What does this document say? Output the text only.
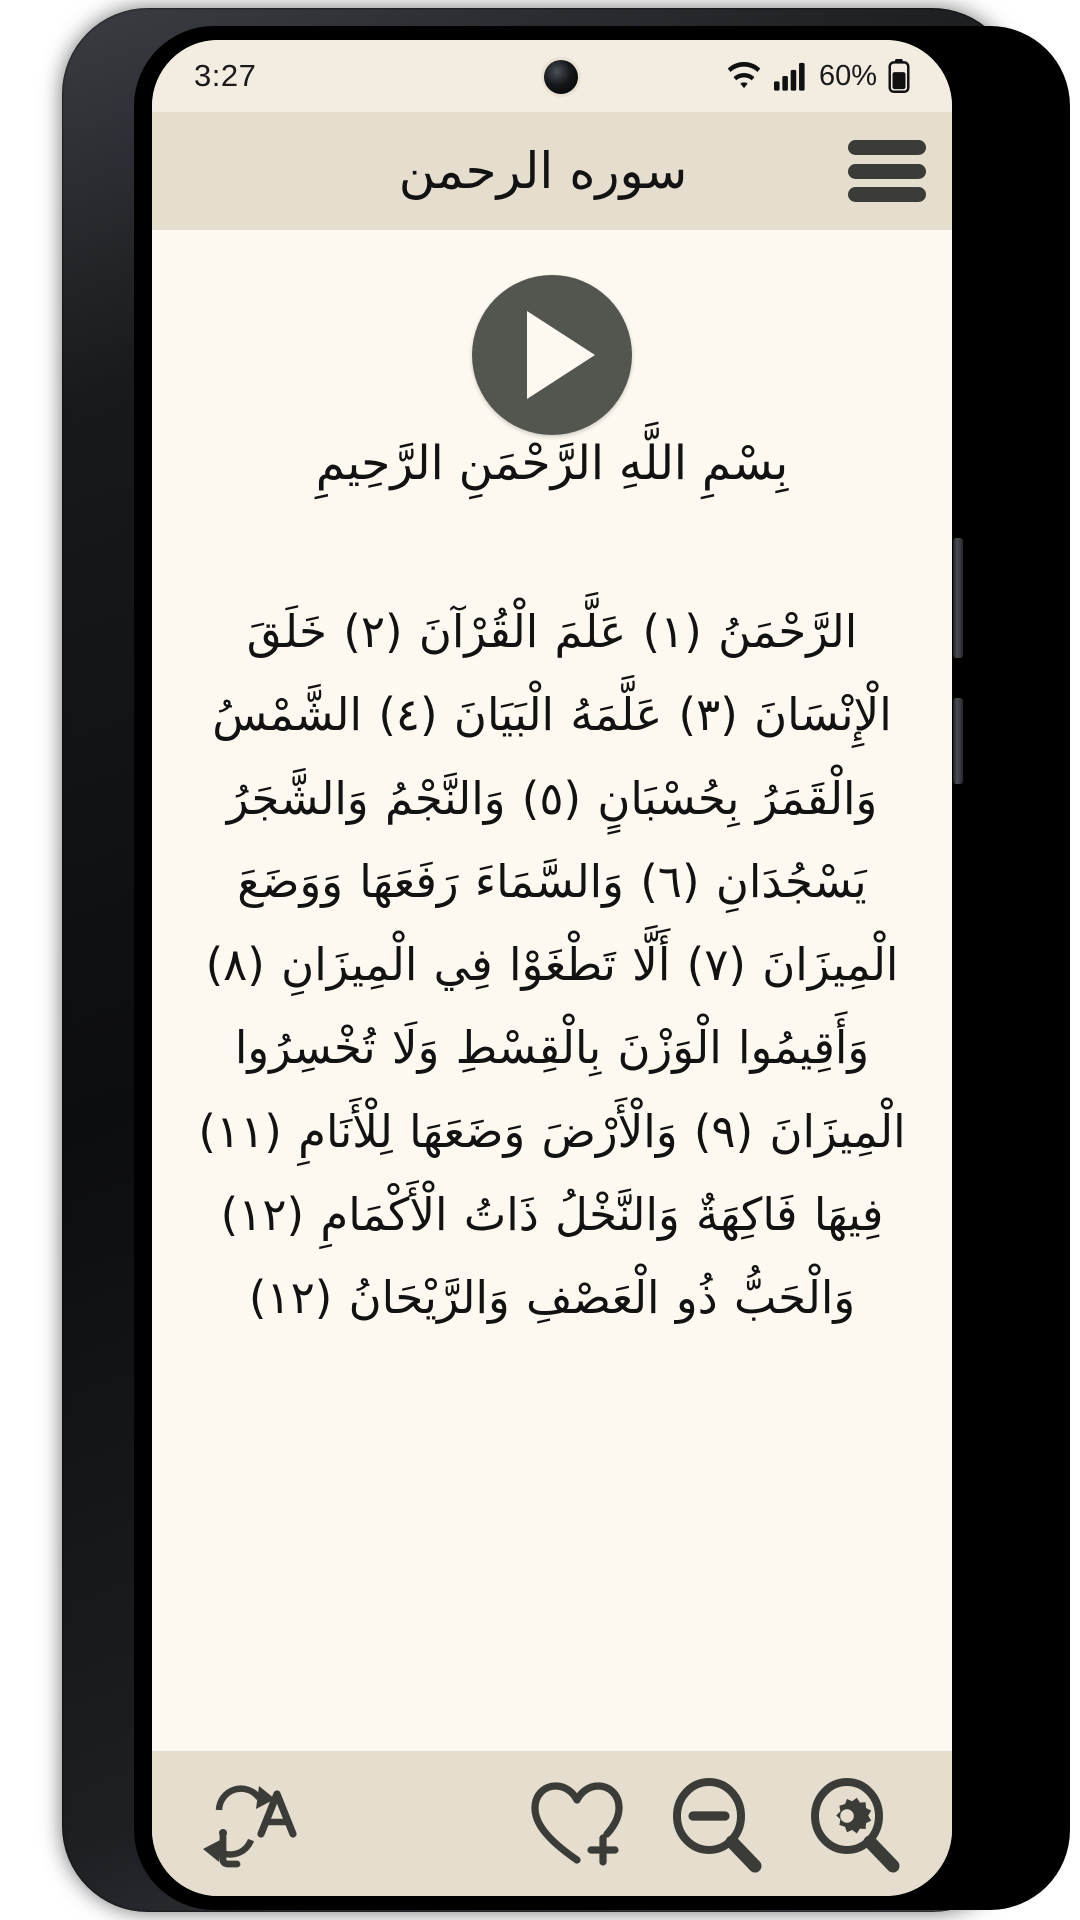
3:27	60%
سوره الرحمن
بِسْمِ اللَّهِ الرَّحْمَنِ الرَّحِيمِ
الرَّحْمَنُ (١) عَلَّمَ الْقُرْآنَ (٢) خَلَقَ الْإِنْسَانَ (٣) عَلَّمَهُ الْبَيَانَ (٤) الشَّمْسُ وَالْقَمَرُ بِحُسْبَانٍ (٥) وَالنَّجْمُ وَالشَّجَرُ يَسْجُدَانِ (٦) وَالسَّمَاءَ رَفَعَهَا وَوَضَعَ الْمِيزَانَ (٧) أَلَّا تَطْغَوْا فِي الْمِيزَانِ (٨) وَأَقِيمُوا الْوَزْنَ بِالْقِسْطِ وَلَا تُخْسِرُوا الْمِيزَانَ (٩) وَالْأَرْضَ وَضَعَهَا لِلْأَنَامِ (١١) فِيهَا فَاكِهَةٌ وَالنَّخْلُ ذَاتُ الْأَكْمَامِ (١٢) وَالْحَبُّ ذُو الْعَصْفِ وَالرَّيْحَانُ (١٢)
